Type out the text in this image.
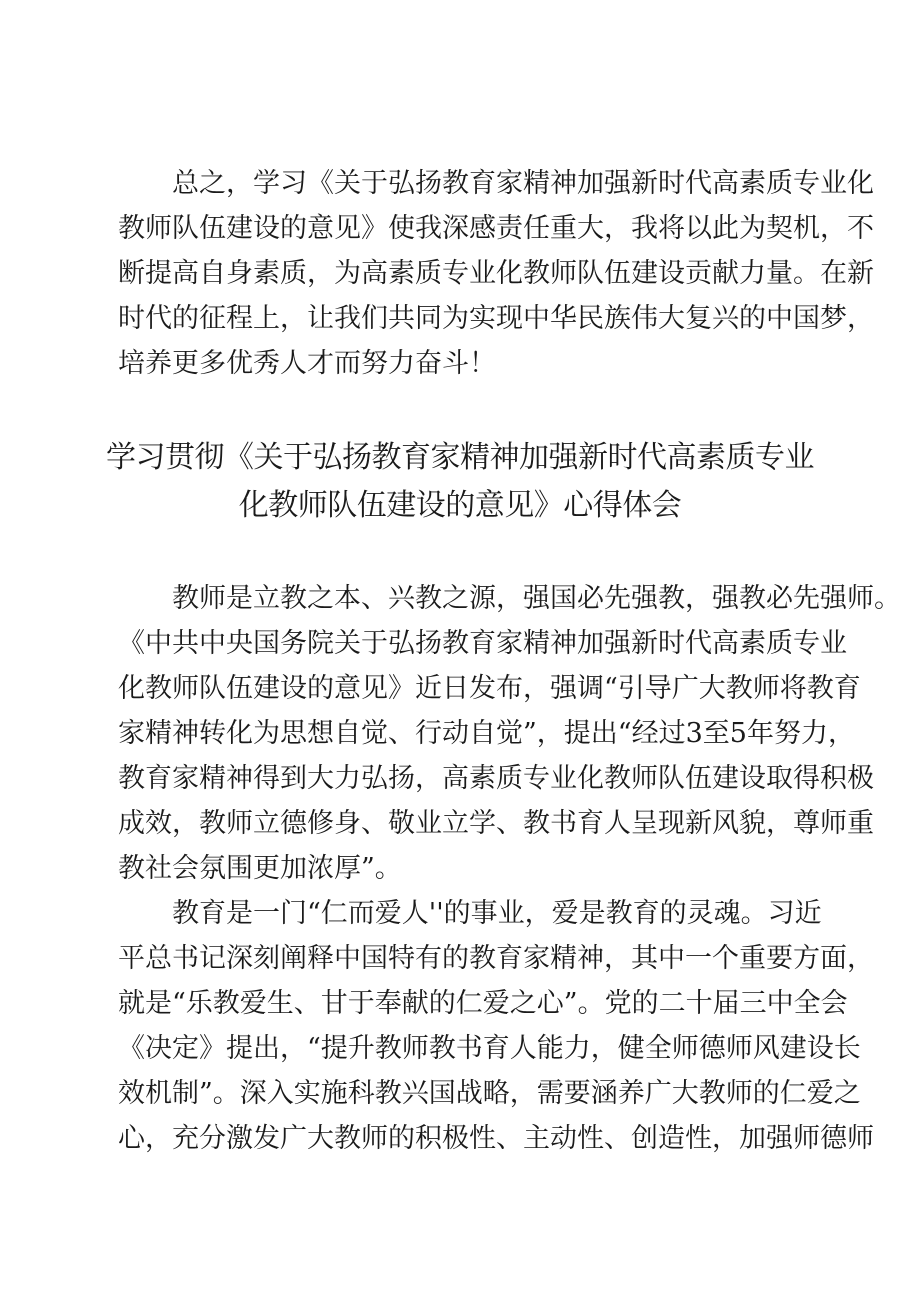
总之，学习《关于弘扬教育家精神加强新时代高素质专业化
教师队伍建设的意见》使我深感责任重大，我将以此为契机，不
断提高自身素质，为高素质专业化教师队伍建设贡献力量。在新
时代的征程上，让我们共同为实现中华民族伟大复兴的中国梦，
培养更多优秀人才而努力奋斗！
学习贯彻《关于弘扬教育家精神加强新时代高素质专业
化教师队伍建设的意见》心得体会
教师是立教之本、兴教之源，强国必先强教，强教必先强师。
《中共中央国务院关于弘扬教育家精神加强新时代高素质专业
化教师队伍建设的意见》近日发布，强调“引导广大教师将教育
家精神转化为思想自觉、行动自觉”，提出“经过3至5年努力，
教育家精神得到大力弘扬，高素质专业化教师队伍建设取得积极
成效，教师立德修身、敬业立学、教书育人呈现新风貌，尊师重
教社会氛围更加浓厚”。
教育是一门“仁而爱人''的事业，爱是教育的灵魂。习近
平总书记深刻阐释中国特有的教育家精神，其中一个重要方面，
就是“乐教爱生、甘于奉献的仁爱之心”。党的二十届三中全会
《决定》提出，“提升教师教书育人能力，健全师德师风建设长
效机制”。深入实施科教兴国战略，需要涵养广大教师的仁爱之
心，充分激发广大教师的积极性、主动性、创造性，加强师德师
